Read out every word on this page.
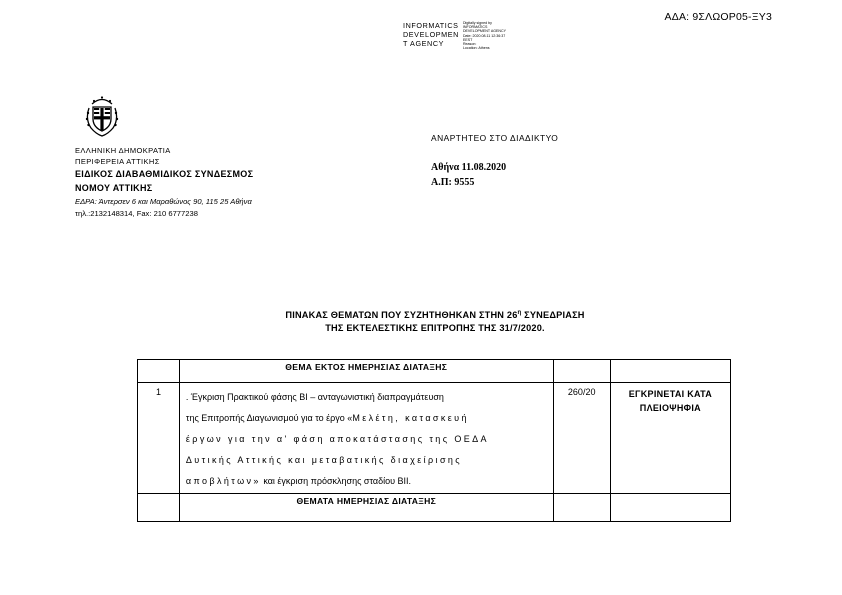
ΑΔΑ: 9ΣΛΩΟΡ05-ΞΥ3
INFORMATICS
DEVELOPMEN
T AGENCY
Digitally signed by
INFORMATICS
DEVELOPMENT AGENCY
Date: 2020.08.11 12:36:37
EEST
Reason:
Location: Athens
ΕΛΛΗΝΙΚΗ ΔΗΜΟΚΡΑΤΙΑ
ΠΕΡΙΦΕΡΕΙΑ ΑΤΤΙΚΗΣ
ΕΙΔΙΚΟΣ ΔΙΑΒΑΘΜΙΔΙΚΟΣ ΣΥΝΔΕΣΜΟΣ
ΝΟΜΟΥ ΑΤΤΙΚΗΣ
ΕΔΡΑ: Άντερσεν 6 και Μαραθώνος 90, 115 25 Αθήνα
τηλ.:2132148314, Fax: 210 6777238
ΑΝΑΡΤΗΤΕΟ ΣΤΟ ΔΙΑΔΙΚΤΥΟ
Αθήνα 11.08.2020
Α.Π: 9555
ΠΙΝΑΚΑΣ ΘΕΜΑΤΩΝ ΠΟΥ ΣΥΖΗΤΗΘΗΚΑΝ ΣΤΗΝ $26^\eta$ ΣΥΝΕΔΡΙΑΣΗ
ΤΗΣ ΕΚΤΕΛΕΣΤΙΚΗΣ ΕΠΙΤΡΟΠΗΣ ΤΗΣ 31/7/2020.

	ΘΕΜΑ ΕΚΤΟΣ ΗΜΕΡΗΣΙΑΣ ΔΙΑΤΑΞΗΣ		

1	. Έγκριση Πρακτικού φάσης ΒΙ – ανταγωνιστική διαπραγμάτευση
της Επιτροπής Διαγωνισμού για το έργο «Μελέτη, κατασκευή
έργων για την α' φάση αποκατάστασης της ΟΕΔΑ
Δυτικής Αττικής και μεταβατικής διαχείρισης
αποβλήτων» και έγκριση πρόσκλησης σταδίου ΒΙΙ.	260/20	ΕΓΚΡΙΝΕΤΑΙ ΚΑΤΑ ΠΛΕΙΟΨΗΦΙΑ

	ΘΕΜΑΤΑ ΗΜΕΡΗΣΙΑΣ ΔΙΑΤΑΞΗΣ		
